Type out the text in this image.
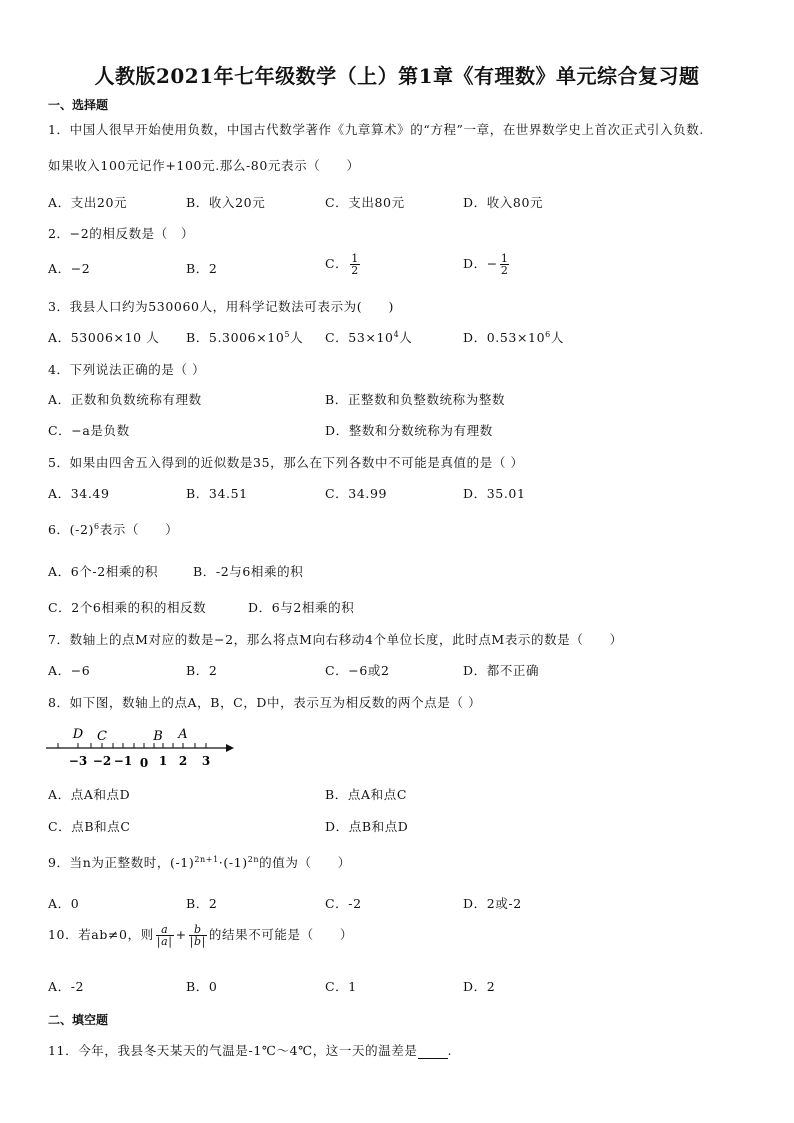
人教版2021年七年级数学（上）第1章《有理数》单元综合复习题
一、选择题
1．中国人很早开始使用负数，中国古代数学著作《九章算术》的“方程”一章，在世界数学史上首次正式引入负数.
如果收入100元记作+100元.那么-80元表示（　　）
A．支出20元	B．收入20元	C．支出80元	D．收入80元
2．−2的相反数是（　）
A．−2	B．2	C． $\frac{1}{2}$	D．− $\frac{1}{2}$
3．我县人口约为530060人，用科学记数法可表示为(　　)
A．53006×10 人 B．$5.3006\times 10^5$人 C．$53\times 10^4$人	D．$0.53\times 10^6$人
4．下列说法正确的是（ ）
A．正数和负数统称有理数	B．正整数和负整数统称为整数
C．−a是负数	D．整数和分数统称为有理数
5．如果由四舍五入得到的近似数是35，那么在下列各数中不可能是真值的是（ ）
A．34.49	B．34.51	C．34.99	D．35.01
6．$(-2)^6$表示（　　）
A．6个-2相乘的积	B．-2与6相乘的积
C．2个6相乘的积的相反数	D．6与2相乘的积
7．数轴上的点M对应的数是−2，那么将点M向右移动4个单位长度，此时点M表示的数是（　　）
A．−6	B．2	C．−6或2	D．都不正确
8．如下图，数轴上的点A，B，C，D中，表示互为相反数的两个点是（ ）
D C	B A
−3 −2 −1 0 1 2 3
A．点A和点D	B．点A和点C
C．点B和点C	D．点B和点D
9．当n为正整数时，$(-1)^{2n+1}\cdot(-1)^{2n}$的值为（　　）
A．0	B．2	C．-2	D．2或-2
10．若ab≠0，则 $\frac{a}{|a|} + \frac{b}{|b|}$ 的结果不可能是（　　）
A．-2	B．0	C．1	D．2
二、填空题
11．今年，我县冬天某天的气温是-1℃～4℃，这一天的温差是 .
